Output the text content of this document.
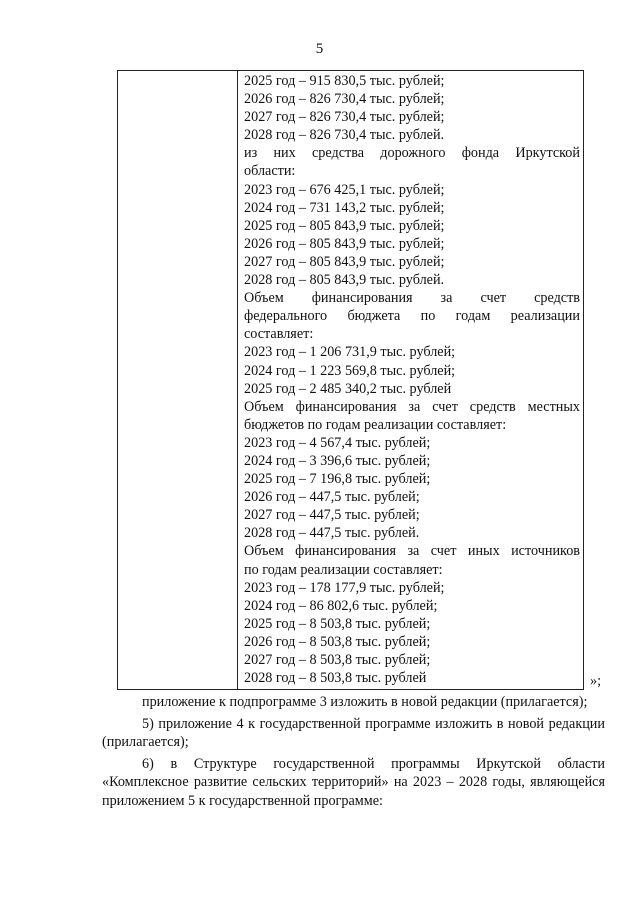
5
2025 год – 915 830,5 тыс. рублей;
2026 год – 826 730,4 тыс. рублей;
2027 год – 826 730,4 тыс. рублей;
2028 год – 826 730,4 тыс. рублей.
из них средства дорожного фонда Иркутской
области:
2023 год – 676 425,1 тыс. рублей;
2024 год – 731 143,2 тыс. рублей;
2025 год – 805 843,9 тыс. рублей;
2026 год – 805 843,9 тыс. рублей;
2027 год – 805 843,9 тыс. рублей;
2028 год – 805 843,9 тыс. рублей.
Объем финансирования за счет средств
федерального бюджета по годам реализации
составляет:
2023 год – 1 206 731,9 тыс. рублей;
2024 год – 1 223 569,8 тыс. рублей;
2025 год – 2 485 340,2 тыс. рублей
Объем финансирования за счет средств местных
бюджетов по годам реализации составляет:
2023 год – 4 567,4 тыс. рублей;
2024 год – 3 396,6 тыс. рублей;
2025 год – 7 196,8 тыс. рублей;
2026 год – 447,5 тыс. рублей;
2027 год – 447,5 тыс. рублей;
2028 год – 447,5 тыс. рублей.
Объем финансирования за счет иных источников
по годам реализации составляет:
2023 год – 178 177,9 тыс. рублей;
2024 год – 86 802,6 тыс. рублей;
2025 год – 8 503,8 тыс. рублей;
2026 год – 8 503,8 тыс. рублей;
2027 год – 8 503,8 тыс. рублей;
2028 год – 8 503,8 тыс. рублей	»;

приложение к подпрограмме 3 изложить в новой редакции (прилагается);

5) приложение 4 к государственной программе изложить в новой редакции (прилагается);

6) в Структуре государственной программы Иркутской области «Комплексное развитие сельских территорий» на 2023 – 2028 годы, являющейся приложением 5 к государственной программе:
